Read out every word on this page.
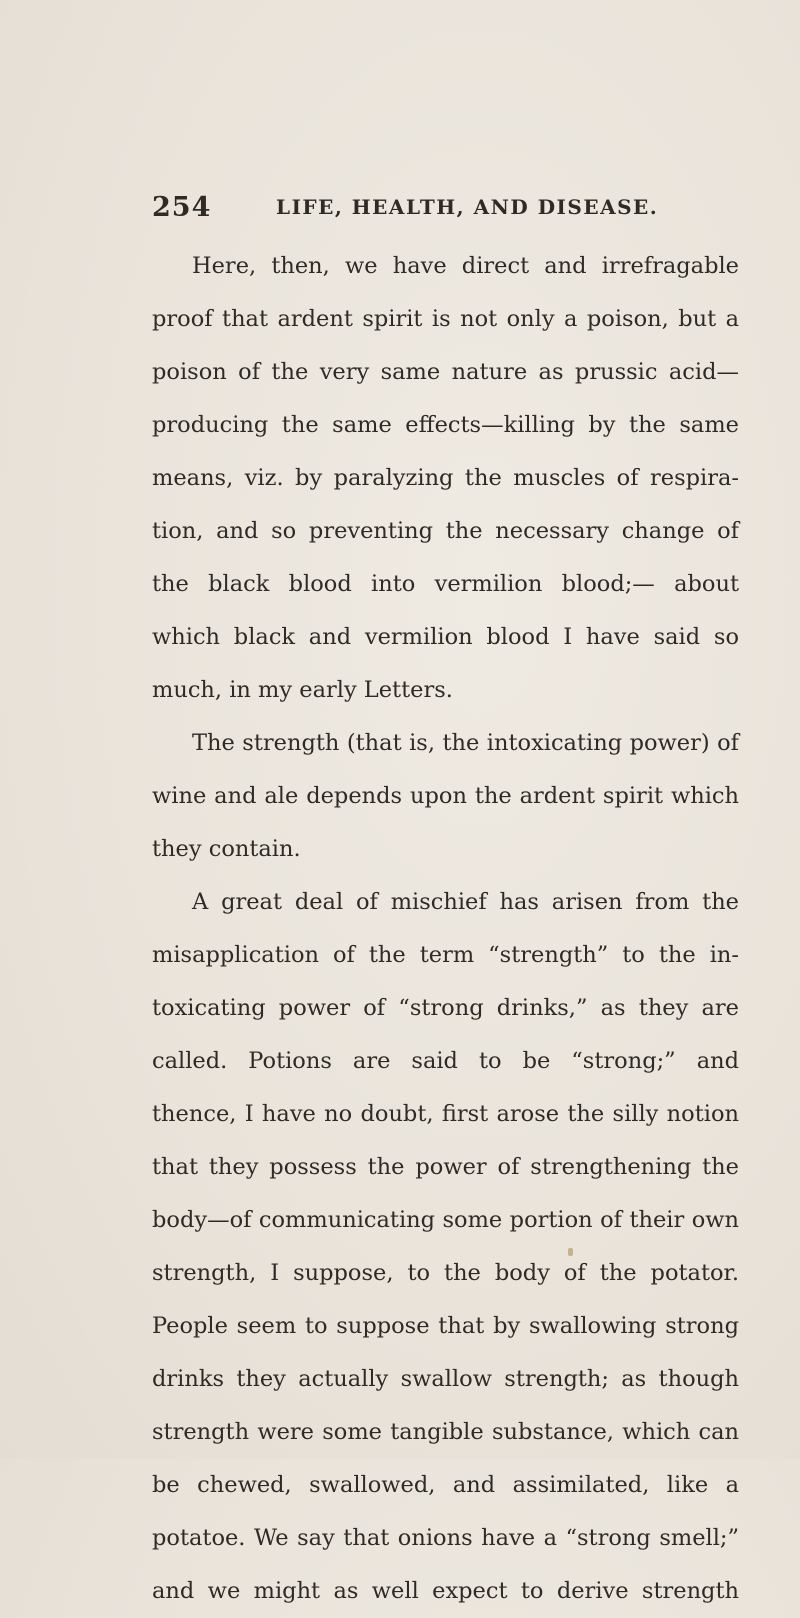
254	LIFE, HEALTH, AND DISEASE.
Here, then, we have direct and irrefragable
proof that ardent spirit is not only a poison, but a
poison of the very same nature as prussic acid—
producing the same effects—killing by the same
means, viz. by paralyzing the muscles of respira-
tion, and so preventing the necessary change of
the black blood into vermilion blood;— about
which black and vermilion blood I have said so
much, in my early Letters.
The strength (that is, the intoxicating power) of
wine and ale depends upon the ardent spirit which
they contain.
A great deal of mischief has arisen from the
misapplication of the term “strength” to the in-
toxicating power of “strong drinks,” as they are
called. Potions are said to be “strong;” and
thence, I have no doubt, first arose the silly notion
that they possess the power of strengthening the
body—of communicating some portion of their own
strength, I suppose, to the body of the potator.
People seem to suppose that by swallowing strong
drinks they actually swallow strength; as though
strength were some tangible substance, which can
be chewed, swallowed, and assimilated, like a
potatoe. We say that onions have a “strong smell;”
and we might as well expect to derive strength
